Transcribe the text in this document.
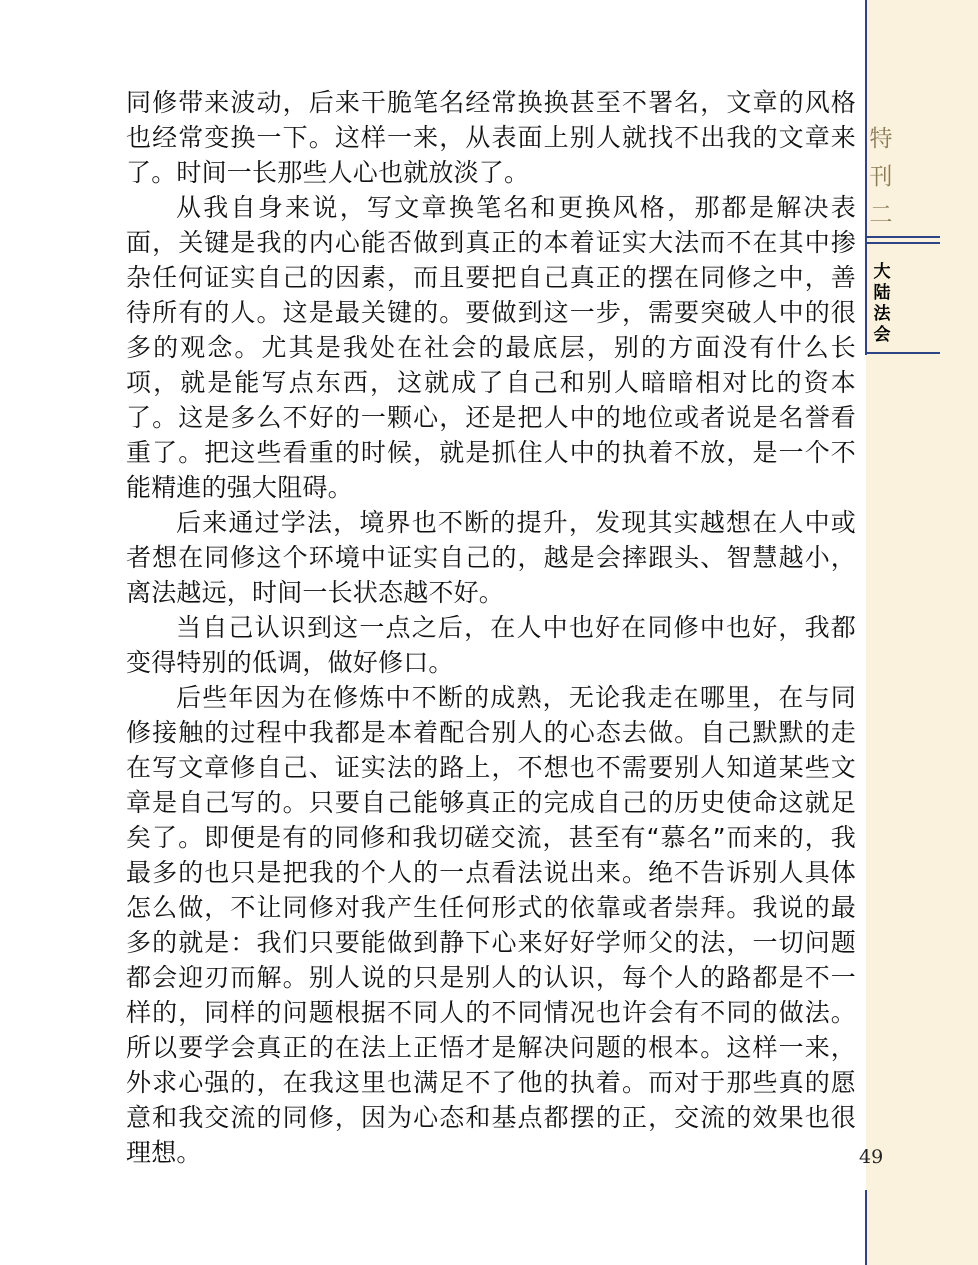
特
刊
二
大
陆
法
会

同修带来波动，后来干脆笔名经常换换甚至不署名，文章的风格也经常变换一下。这样一来，从表面上别人就找不出我的文章来了。时间一长那些人心也就放淡了。

从我自身来说，写文章换笔名和更换风格，那都是解决表面，关键是我的内心能否做到真正的本着证实大法而不在其中掺杂任何证实自己的因素，而且要把自己真正的摆在同修之中，善待所有的人。这是最关键的。要做到这一步，需要突破人中的很多的观念。尤其是我处在社会的最底层，别的方面没有什么长项，就是能写点东西，这就成了自己和别人暗暗相对比的资本了。这是多么不好的一颗心，还是把人中的地位或者说是名誉看重了。把这些看重的时候，就是抓住人中的执着不放，是一个不能精進的强大阻碍。

后来通过学法，境界也不断的提升，发现其实越想在人中或者想在同修这个环境中证实自己的，越是会摔跟头、智慧越小，离法越远，时间一长状态越不好。

当自己认识到这一点之后，在人中也好在同修中也好，我都变得特别的低调，做好修口。

后些年因为在修炼中不断的成熟，无论我走在哪里，在与同修接触的过程中我都是本着配合别人的心态去做。自己默默的走在写文章修自己、证实法的路上，不想也不需要别人知道某些文章是自己写的。只要自己能够真正的完成自己的历史使命这就足矣了。即便是有的同修和我切磋交流，甚至有“慕名”而来的，我最多的也只是把我的个人的一点看法说出来。绝不告诉别人具体怎么做，不让同修对我产生任何形式的依靠或者崇拜。我说的最多的就是：我们只要能做到静下心来好好学师父的法，一切问题都会迎刃而解。别人说的只是别人的认识，每个人的路都是不一样的，同样的问题根据不同人的不同情况也许会有不同的做法。所以要学会真正的在法上正悟才是解决问题的根本。这样一来，外求心强的，在我这里也满足不了他的执着。而对于那些真的愿意和我交流的同修，因为心态和基点都摆的正，交流的效果也很理想。	49
